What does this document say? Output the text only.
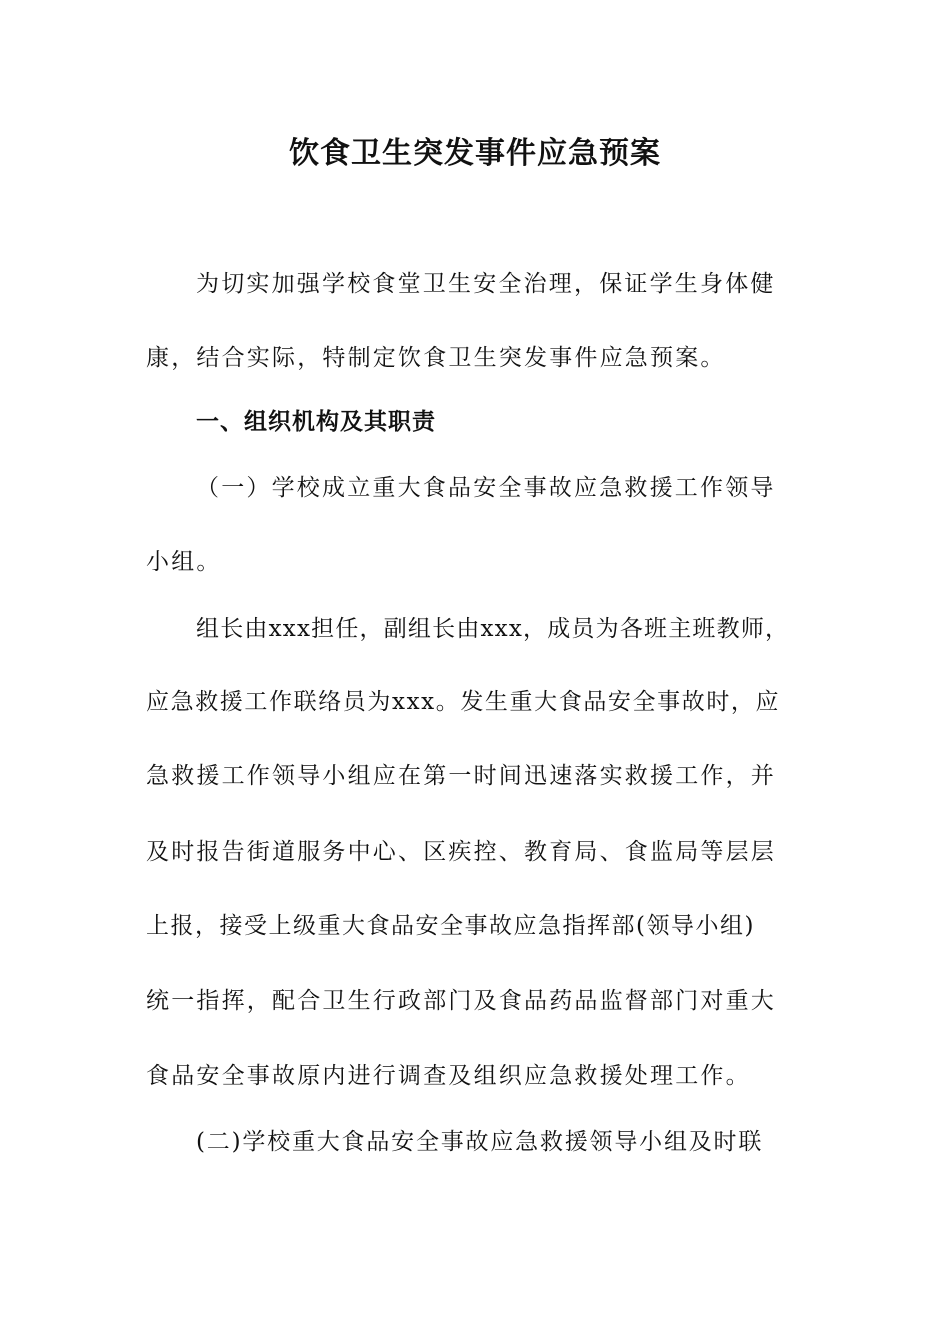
饮食卫生突发事件应急预案
为切实加强学校食堂卫生安全治理，保证学生身体健
康，结合实际，特制定饮食卫生突发事件应急预案。
一、组织机构及其职责
（一）学校成立重大食品安全事故应急救援工作领导
小组。
组长由xxx担任，副组长由xxx，成员为各班主班教师，
应急救援工作联络员为xxx。发生重大食品安全事故时，应
急救援工作领导小组应在第一时间迅速落实救援工作，并
及时报告街道服务中心、区疾控、教育局、食监局等层层
上报，接受上级重大食品安全事故应急指挥部(领导小组)
统一指挥，配合卫生行政部门及食品药品监督部门对重大
食品安全事故原内进行调查及组织应急救援处理工作。
(二)学校重大食品安全事故应急救援领导小组及时联
